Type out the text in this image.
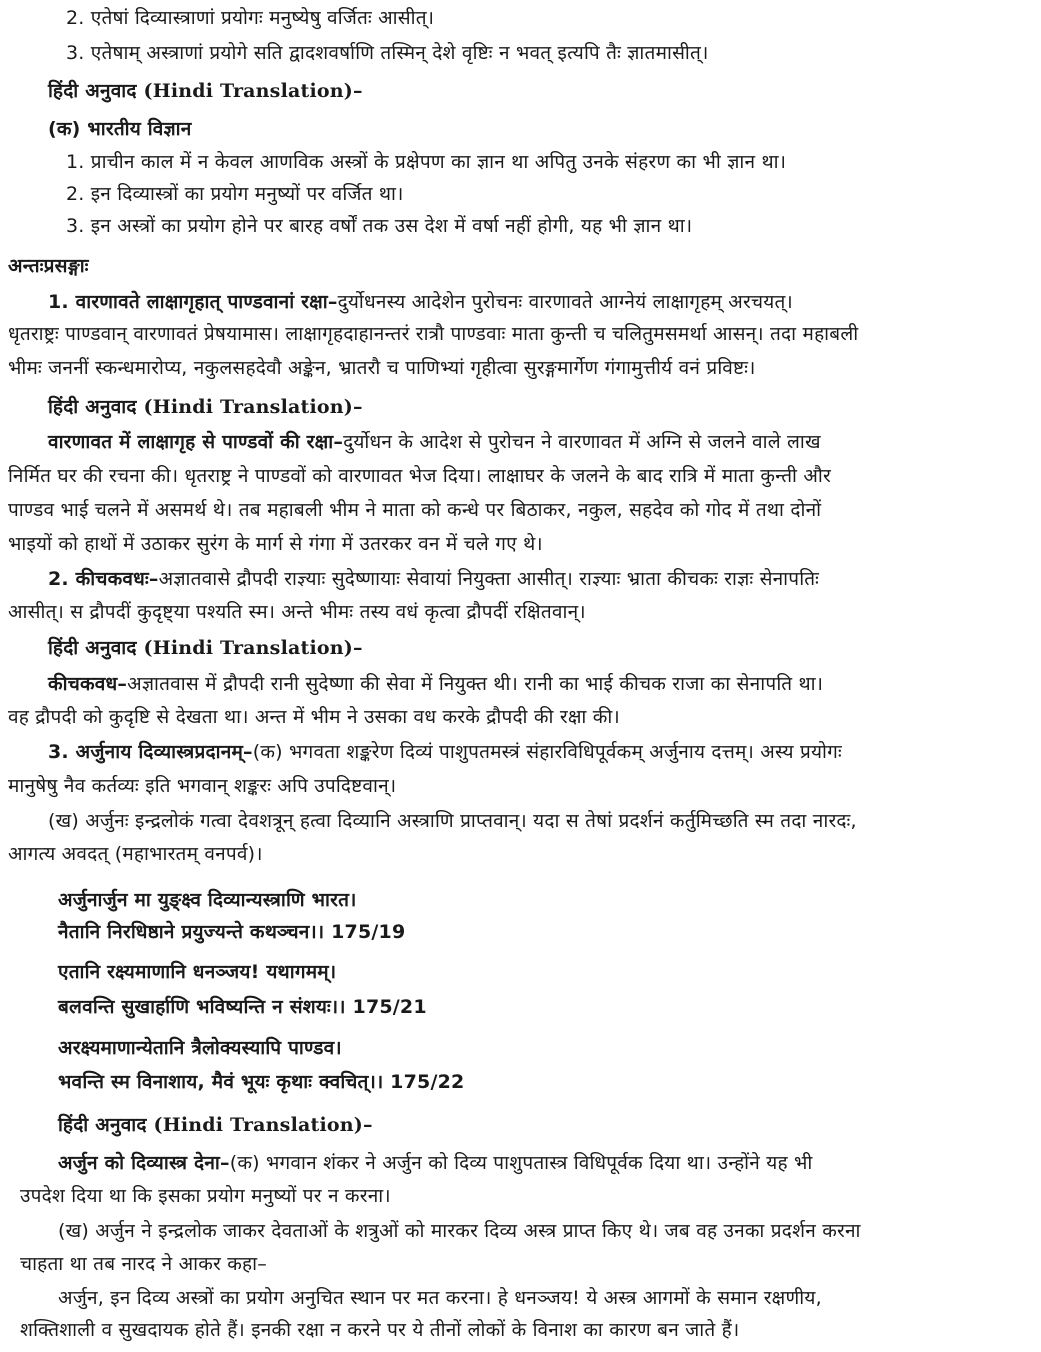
2. एतेषां दिव्यास्त्राणां प्रयोगः मनुष्येषु वर्जितः आसीत्।
3. एतेषाम् अस्त्राणां प्रयोगे सति द्वादशवर्षाणि तस्मिन् देशे वृष्टिः न भवत् इत्यपि तैः ज्ञातमासीत्।
हिंदी अनुवाद (Hindi Translation)–
(क) भारतीय विज्ञान
1. प्राचीन काल में न केवल आणविक अस्त्रों के प्रक्षेपण का ज्ञान था अपितु उनके संहरण का भी ज्ञान था।
2. इन दिव्यास्त्रों का प्रयोग मनुष्यों पर वर्जित था।
3. इन अस्त्रों का प्रयोग होने पर बारह वर्षों तक उस देश में वर्षा नहीं होगी, यह भी ज्ञान था।
अन्तःप्रसङ्गाः
1. वारणावते लाक्षागृहात् पाण्डवानां रक्षा–दुर्योधनस्य आदेशेन पुरोचनः वारणावते आग्नेयं लाक्षागृहम् अरचयत्।
धृतराष्ट्रः पाण्डवान् वारणावतं प्रेषयामास। लाक्षागृहदाहानन्तरं रात्रौ पाण्डवाः माता कुन्ती च चलितुमसमर्था आसन्। तदा महाबली
भीमः जननीं स्कन्धमारोप्य, नकुलसहदेवौ अङ्केन, भ्रातरौ च पाणिभ्यां गृहीत्वा सुरङ्गमार्गेण गंगामुत्तीर्य वनं प्रविष्टः।
हिंदी अनुवाद (Hindi Translation)–
वारणावत में लाक्षागृह से पाण्डवों की रक्षा–दुर्योधन के आदेश से पुरोचन ने वारणावत में अग्नि से जलने वाले लाख
निर्मित घर की रचना की। धृतराष्ट्र ने पाण्डवों को वारणावत भेज दिया। लाक्षाघर के जलने के बाद रात्रि में माता कुन्ती और
पाण्डव भाई चलने में असमर्थ थे। तब महाबली भीम ने माता को कन्धे पर बिठाकर, नकुल, सहदेव को गोद में तथा दोनों
भाइयों को हाथों में उठाकर सुरंग के मार्ग से गंगा में उतरकर वन में चले गए थे।
2. कीचकवधः–अज्ञातवासे द्रौपदी राज्ञ्याः सुदेष्णायाः सेवायां नियुक्ता आसीत्। राज्ञ्याः भ्राता कीचकः राज्ञः सेनापतिः
आसीत्। स द्रौपदीं कुदृष्ट्या पश्यति स्म। अन्ते भीमः तस्य वधं कृत्वा द्रौपदीं रक्षितवान्।
हिंदी अनुवाद (Hindi Translation)–
कीचकवध–अज्ञातवास में द्रौपदी रानी सुदेष्णा की सेवा में नियुक्त थी। रानी का भाई कीचक राजा का सेनापति था।
वह द्रौपदी को कुदृष्टि से देखता था। अन्त में भीम ने उसका वध करके द्रौपदी की रक्षा की।
3. अर्जुनाय दिव्यास्त्रप्रदानम्–(क) भगवता शङ्करेण दिव्यं पाशुपतमस्त्रं संहारविधिपूर्वकम् अर्जुनाय दत्तम्। अस्य प्रयोगः
मानुषेषु नैव कर्तव्यः इति भगवान् शङ्करः अपि उपदिष्टवान्।
(ख) अर्जुनः इन्द्रलोकं गत्वा देवशत्रून् हत्वा दिव्यानि अस्त्राणि प्राप्तवान्। यदा स तेषां प्रदर्शनं कर्तुमिच्छति स्म तदा नारदः,
आगत्य अवदत् (महाभारतम् वनपर्व)।
अर्जुनार्जुन मा युङ्क्ष्व दिव्यान्यस्त्राणि भारत।
नैतानि निरधिष्ठाने प्रयुज्यन्ते कथञ्चन।। 175/19
एतानि रक्ष्यमाणानि धनञ्जय! यथागमम्।
बलवन्ति सुखार्हाणि भविष्यन्ति न संशयः।। 175/21
अरक्ष्यमाणान्येतानि त्रैलोक्यस्यापि पाण्डव।
भवन्ति स्म विनाशाय, मैवं भूयः कृथाः क्वचित्।। 175/22
हिंदी अनुवाद (Hindi Translation)–
अर्जुन को दिव्यास्त्र देना–(क) भगवान शंकर ने अर्जुन को दिव्य पाशुपतास्त्र विधिपूर्वक दिया था। उन्होंने यह भी
उपदेश दिया था कि इसका प्रयोग मनुष्यों पर न करना।
(ख) अर्जुन ने इन्द्रलोक जाकर देवताओं के शत्रुओं को मारकर दिव्य अस्त्र प्राप्त किए थे। जब वह उनका प्रदर्शन करना
चाहता था तब नारद ने आकर कहा–
अर्जुन, इन दिव्य अस्त्रों का प्रयोग अनुचित स्थान पर मत करना। हे धनञ्जय! ये अस्त्र आगमों के समान रक्षणीय,
शक्तिशाली व सुखदायक होते हैं। इनकी रक्षा न करने पर ये तीनों लोकों के विनाश का कारण बन जाते हैं।
